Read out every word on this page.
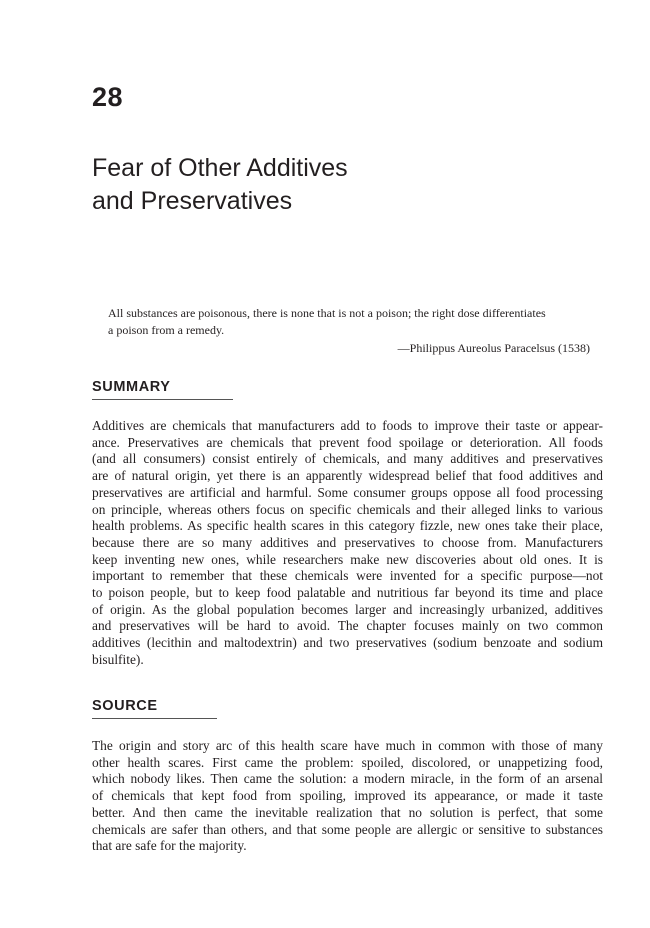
28
Fear of Other Additives
and Preservatives
All substances are poisonous, there is none that is not a poison; the right dose differentiates
a poison from a remedy.
—Philippus Aureolus Paracelsus (1538)
SUMMARY
Additives are chemicals that manufacturers add to foods to improve their taste or appear-
ance. Preservatives are chemicals that prevent food spoilage or deterioration. All foods
(and all consumers) consist entirely of chemicals, and many additives and preservatives
are of natural origin, yet there is an apparently widespread belief that food additives and
preservatives are artificial and harmful. Some consumer groups oppose all food processing
on principle, whereas others focus on specific chemicals and their alleged links to various
health problems. As specific health scares in this category fizzle, new ones take their place,
because there are so many additives and preservatives to choose from. Manufacturers
keep inventing new ones, while researchers make new discoveries about old ones. It is
important to remember that these chemicals were invented for a specific purpose—not
to poison people, but to keep food palatable and nutritious far beyond its time and place
of origin. As the global population becomes larger and increasingly urbanized, additives
and preservatives will be hard to avoid. The chapter focuses mainly on two common
additives (lecithin and maltodextrin) and two preservatives (sodium benzoate and sodium
bisulfite).
SOURCE
The origin and story arc of this health scare have much in common with those of many
other health scares. First came the problem: spoiled, discolored, or unappetizing food,
which nobody likes. Then came the solution: a modern miracle, in the form of an arsenal
of chemicals that kept food from spoiling, improved its appearance, or made it taste
better. And then came the inevitable realization that no solution is perfect, that some
chemicals are safer than others, and that some people are allergic or sensitive to substances
that are safe for the majority.
